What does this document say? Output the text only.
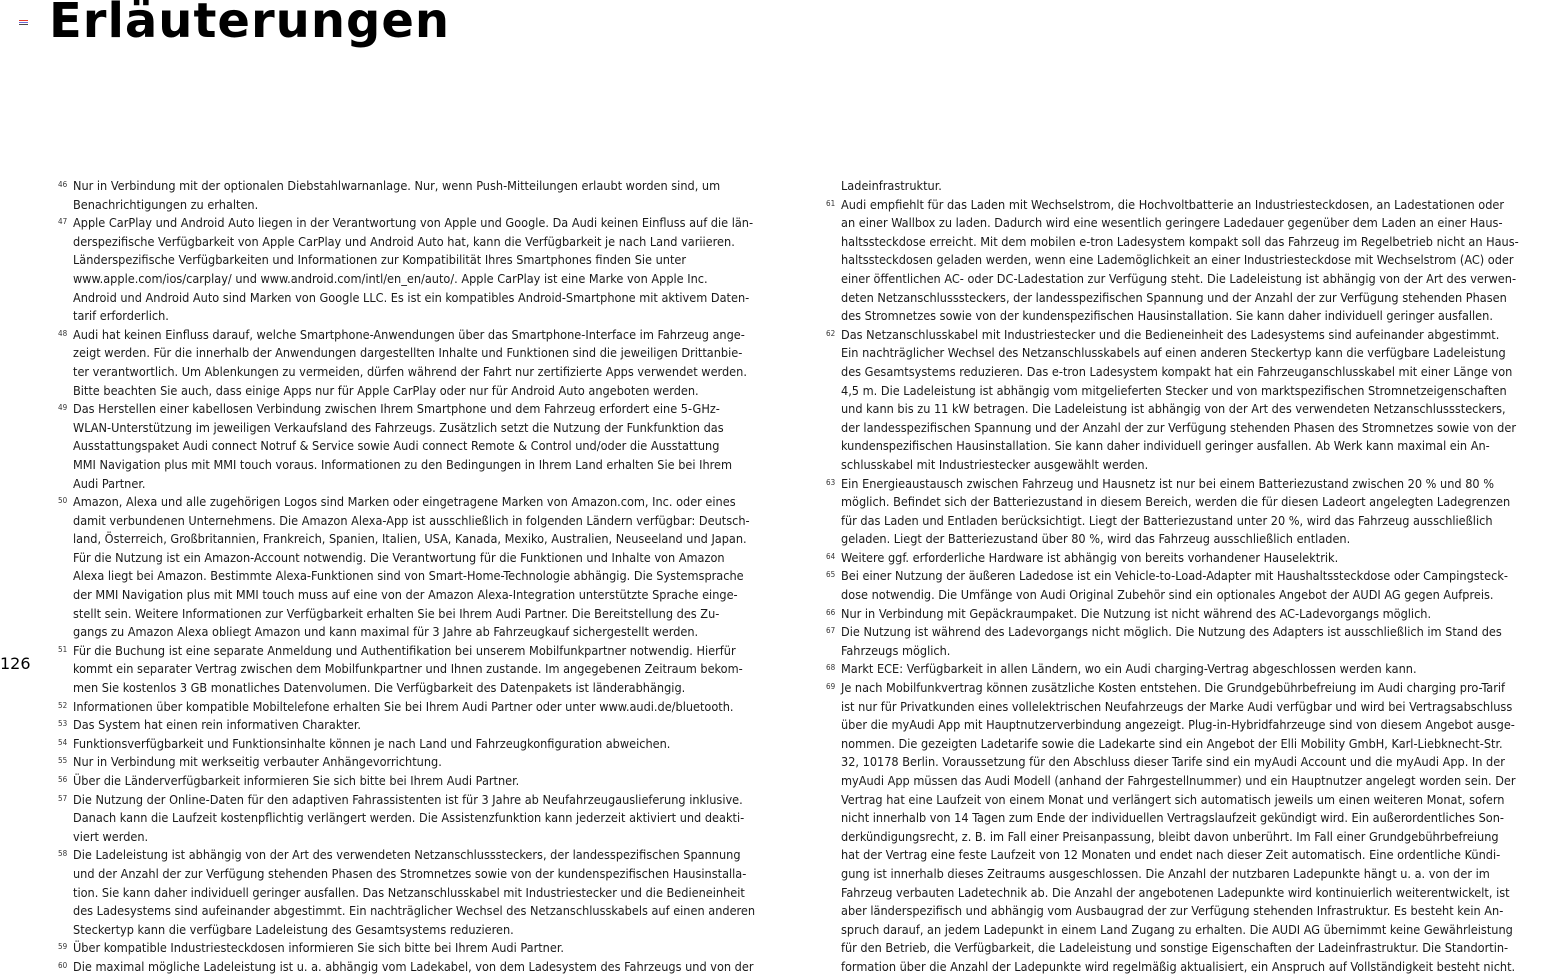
Erläuterungen
126
46 Nur in Verbindung mit der optionalen Diebstahlwarnanlage. Nur, wenn Push-Mitteilungen erlaubt worden sind, um
Benachrichtigungen zu erhalten.
47 Apple CarPlay und Android Auto liegen in der Verantwortung von Apple und Google. Da Audi keinen Einfluss auf die län-
derspezifische Verfügbarkeit von Apple CarPlay und Android Auto hat, kann die Verfügbarkeit je nach Land variieren.
Länderspezifische Verfügbarkeiten und Informationen zur Kompatibilität Ihres Smartphones finden Sie unter
www.apple.com/ios/carplay/ und www.android.com/intl/en_en/auto/. Apple CarPlay ist eine Marke von Apple Inc.
Android und Android Auto sind Marken von Google LLC. Es ist ein kompatibles Android-Smartphone mit aktivem Daten-
tarif erforderlich.
48 Audi hat keinen Einfluss darauf, welche Smartphone-Anwendungen über das Smartphone-Interface im Fahrzeug ange-
zeigt werden. Für die innerhalb der Anwendungen dargestellten Inhalte und Funktionen sind die jeweiligen Drittanbie-
ter verantwortlich. Um Ablenkungen zu vermeiden, dürfen während der Fahrt nur zertifizierte Apps verwendet werden.
Bitte beachten Sie auch, dass einige Apps nur für Apple CarPlay oder nur für Android Auto angeboten werden.
49 Das Herstellen einer kabellosen Verbindung zwischen Ihrem Smartphone und dem Fahrzeug erfordert eine 5-GHz-
WLAN-Unterstützung im jeweiligen Verkaufsland des Fahrzeugs. Zusätzlich setzt die Nutzung der Funkfunktion das
Ausstattungspaket Audi connect Notruf & Service sowie Audi connect Remote & Control und/oder die Ausstattung
MMI Navigation plus mit MMI touch voraus. Informationen zu den Bedingungen in Ihrem Land erhalten Sie bei Ihrem
Audi Partner.
50 Amazon, Alexa und alle zugehörigen Logos sind Marken oder eingetragene Marken von Amazon.com, Inc. oder eines
damit verbundenen Unternehmens. Die Amazon Alexa-App ist ausschließlich in folgenden Ländern verfügbar: Deutsch-
land, Österreich, Großbritannien, Frankreich, Spanien, Italien, USA, Kanada, Mexiko, Australien, Neuseeland und Japan.
Für die Nutzung ist ein Amazon-Account notwendig. Die Verantwortung für die Funktionen und Inhalte von Amazon
Alexa liegt bei Amazon. Bestimmte Alexa-Funktionen sind von Smart-Home-Technologie abhängig. Die Systemsprache
der MMI Navigation plus mit MMI touch muss auf eine von der Amazon Alexa-Integration unterstützte Sprache einge-
stellt sein. Weitere Informationen zur Verfügbarkeit erhalten Sie bei Ihrem Audi Partner. Die Bereitstellung des Zu-
gangs zu Amazon Alexa obliegt Amazon und kann maximal für 3 Jahre ab Fahrzeugkauf sichergestellt werden.
51 Für die Buchung ist eine separate Anmeldung und Authentifikation bei unserem Mobilfunkpartner notwendig. Hierfür
kommt ein separater Vertrag zwischen dem Mobilfunkpartner und Ihnen zustande. Im angegebenen Zeitraum bekom-
men Sie kostenlos 3 GB monatliches Datenvolumen. Die Verfügbarkeit des Datenpakets ist länderabhängig.
52 Informationen über kompatible Mobiltelefone erhalten Sie bei Ihrem Audi Partner oder unter www.audi.de/bluetooth.
53 Das System hat einen rein informativen Charakter.
54 Funktionsverfügbarkeit und Funktionsinhalte können je nach Land und Fahrzeugkonfiguration abweichen.
55 Nur in Verbindung mit werkseitig verbauter Anhängevorrichtung.
56 Über die Länderverfügbarkeit informieren Sie sich bitte bei Ihrem Audi Partner.
57 Die Nutzung der Online-Daten für den adaptiven Fahrassistenten ist für 3 Jahre ab Neufahrzeugauslieferung inklusive.
Danach kann die Laufzeit kostenpflichtig verlängert werden. Die Assistenzfunktion kann jederzeit aktiviert und deakti-
viert werden.
58 Die Ladeleistung ist abhängig von der Art des verwendeten Netzanschlusssteckers, der landesspezifischen Spannung
und der Anzahl der zur Verfügung stehenden Phasen des Stromnetzes sowie von der kundenspezifischen Hausinstalla-
tion. Sie kann daher individuell geringer ausfallen. Das Netzanschlusskabel mit Industriestecker und die Bedieneinheit
des Ladesystems sind aufeinander abgestimmt. Ein nachträglicher Wechsel des Netzanschlusskabels auf einen anderen
Steckertyp kann die verfügbare Ladeleistung des Gesamtsystems reduzieren.
59 Über kompatible Industriesteckdosen informieren Sie sich bitte bei Ihrem Audi Partner.
60 Die maximal mögliche Ladeleistung ist u. a. abhängig vom Ladekabel, von dem Ladesystem des Fahrzeugs und von der
Ladeinfrastruktur.
61 Audi empfiehlt für das Laden mit Wechselstrom, die Hochvoltbatterie an Industriesteckdosen, an Ladestationen oder
an einer Wallbox zu laden. Dadurch wird eine wesentlich geringere Ladedauer gegenüber dem Laden an einer Haus-
haltssteckdose erreicht. Mit dem mobilen e-tron Ladesystem kompakt soll das Fahrzeug im Regelbetrieb nicht an Haus-
haltssteckdosen geladen werden, wenn eine Lademöglichkeit an einer Industriesteckdose mit Wechselstrom (AC) oder
einer öffentlichen AC- oder DC-Ladestation zur Verfügung steht. Die Ladeleistung ist abhängig von der Art des verwen-
deten Netzanschlusssteckers, der landesspezifischen Spannung und der Anzahl der zur Verfügung stehenden Phasen
des Stromnetzes sowie von der kundenspezifischen Hausinstallation. Sie kann daher individuell geringer ausfallen.
62 Das Netzanschlusskabel mit Industriestecker und die Bedieneinheit des Ladesystems sind aufeinander abgestimmt.
Ein nachträglicher Wechsel des Netzanschlusskabels auf einen anderen Steckertyp kann die verfügbare Ladeleistung
des Gesamtsystems reduzieren. Das e-tron Ladesystem kompakt hat ein Fahrzeuganschlusskabel mit einer Länge von
4,5 m. Die Ladeleistung ist abhängig vom mitgelieferten Stecker und von marktspezifischen Stromnetzeigenschaften
und kann bis zu 11 kW betragen. Die Ladeleistung ist abhängig von der Art des verwendeten Netzanschlusssteckers,
der landesspezifischen Spannung und der Anzahl der zur Verfügung stehenden Phasen des Stromnetzes sowie von der
kundenspezifischen Hausinstallation. Sie kann daher individuell geringer ausfallen. Ab Werk kann maximal ein An-
schlusskabel mit Industriestecker ausgewählt werden.
63 Ein Energieaustausch zwischen Fahrzeug und Hausnetz ist nur bei einem Batteriezustand zwischen 20 % und 80 %
möglich. Befindet sich der Batteriezustand in diesem Bereich, werden die für diesen Ladeort angelegten Ladegrenzen
für das Laden und Entladen berücksichtigt. Liegt der Batteriezustand unter 20 %, wird das Fahrzeug ausschließlich
geladen. Liegt der Batteriezustand über 80 %, wird das Fahrzeug ausschließlich entladen.
64 Weitere ggf. erforderliche Hardware ist abhängig von bereits vorhandener Hauselektrik.
65 Bei einer Nutzung der äußeren Ladedose ist ein Vehicle-to-Load-Adapter mit Haushaltssteckdose oder Campingsteck-
dose notwendig. Die Umfänge von Audi Original Zubehör sind ein optionales Angebot der AUDI AG gegen Aufpreis.
66 Nur in Verbindung mit Gepäckraumpaket. Die Nutzung ist nicht während des AC-Ladevorgangs möglich.
67 Die Nutzung ist während des Ladevorgangs nicht möglich. Die Nutzung des Adapters ist ausschließlich im Stand des
Fahrzeugs möglich.
68 Markt ECE: Verfügbarkeit in allen Ländern, wo ein Audi charging-Vertrag abgeschlossen werden kann.
69 Je nach Mobilfunkvertrag können zusätzliche Kosten entstehen. Die Grundgebührbefreiung im Audi charging pro-Tarif
ist nur für Privatkunden eines vollelektrischen Neufahrzeugs der Marke Audi verfügbar und wird bei Vertragsabschluss
über die myAudi App mit Hauptnutzerverbindung angezeigt. Plug-in-Hybridfahrzeuge sind von diesem Angebot ausge-
nommen. Die gezeigten Ladetarife sowie die Ladekarte sind ein Angebot der Elli Mobility GmbH, Karl-Liebknecht-Str.
32, 10178 Berlin. Voraussetzung für den Abschluss dieser Tarife sind ein myAudi Account und die myAudi App. In der
myAudi App müssen das Audi Modell (anhand der Fahrgestellnummer) und ein Hauptnutzer angelegt worden sein. Der
Vertrag hat eine Laufzeit von einem Monat und verlängert sich automatisch jeweils um einen weiteren Monat, sofern
nicht innerhalb von 14 Tagen zum Ende der individuellen Vertragslaufzeit gekündigt wird. Ein außerordentliches Son-
derkündigungsrecht, z. B. im Fall einer Preisanpassung, bleibt davon unberührt. Im Fall einer Grundgebührbefreiung
hat der Vertrag eine feste Laufzeit von 12 Monaten und endet nach dieser Zeit automatisch. Eine ordentliche Kündi-
gung ist innerhalb dieses Zeitraums ausgeschlossen. Die Anzahl der nutzbaren Ladepunkte hängt u. a. von der im
Fahrzeug verbauten Ladetechnik ab. Die Anzahl der angebotenen Ladepunkte wird kontinuierlich weiterentwickelt, ist
aber länderspezifisch und abhängig vom Ausbaugrad der zur Verfügung stehenden Infrastruktur. Es besteht kein An-
spruch darauf, an jedem Ladepunkt in einem Land Zugang zu erhalten. Die AUDI AG übernimmt keine Gewährleistung
für den Betrieb, die Verfügbarkeit, die Ladeleistung und sonstige Eigenschaften der Ladeinfrastruktur. Die Standortin-
formation über die Anzahl der Ladepunkte wird regelmäßig aktualisiert, ein Anspruch auf Vollständigkeit besteht nicht.
